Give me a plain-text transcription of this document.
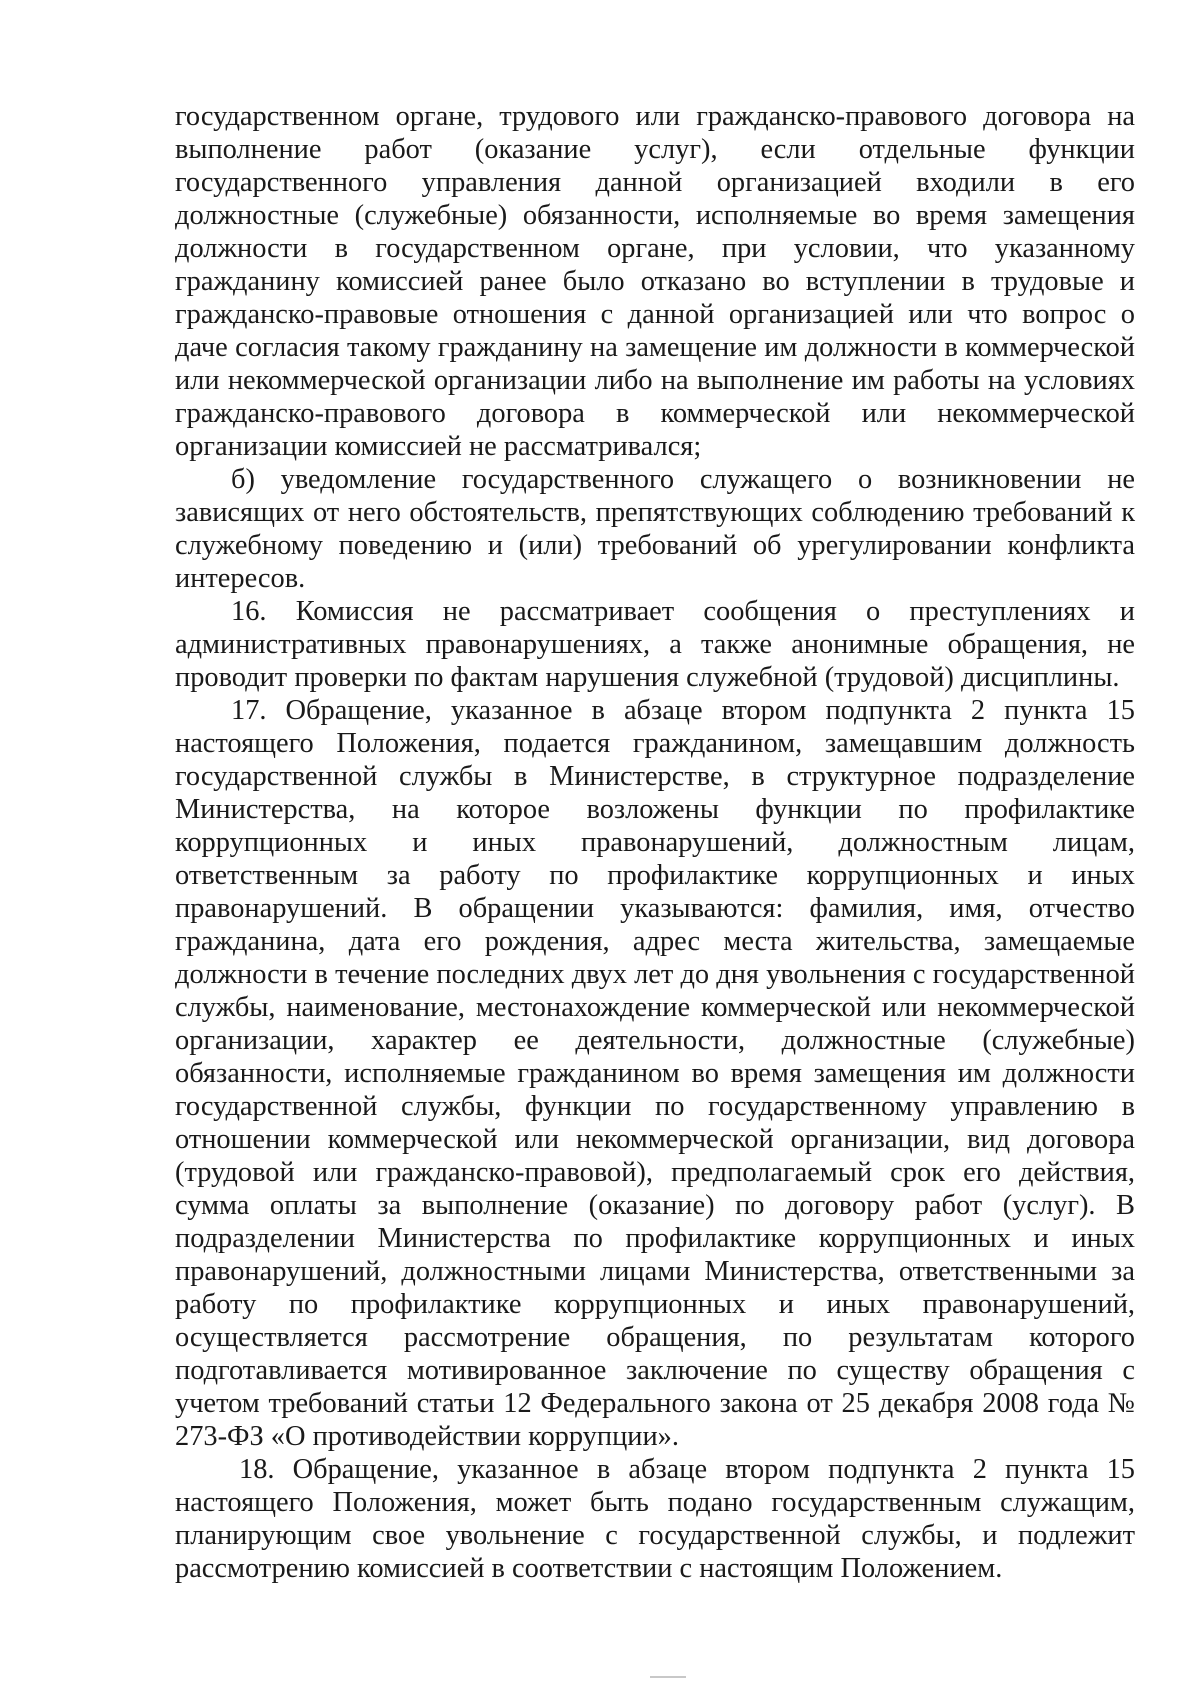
государственном органе, трудового или гражданско-правового договора на выполнение работ (оказание услуг), если отдельные функции государственного управления данной организацией входили в его должностные (служебные) обязанности, исполняемые во время замещения должности в государственном органе, при условии, что указанному гражданину комиссией ранее было отказано во вступлении в трудовые и гражданско-правовые отношения с данной организацией или что вопрос о даче согласия такому гражданину на замещение им должности в коммерческой или некоммерческой организации либо на выполнение им работы на условиях гражданско-правового договора в коммерческой или некоммерческой организации комиссией не рассматривался;

б) уведомление государственного служащего о возникновении не зависящих от него обстоятельств, препятствующих соблюдению требований к служебному поведению и (или) требований об урегулировании конфликта интересов.

16. Комиссия не рассматривает сообщения о преступлениях и административных правонарушениях, а также анонимные обращения, не проводит проверки по фактам нарушения служебной (трудовой) дисциплины.

17. Обращение, указанное в абзаце втором подпункта 2 пункта 15 настоящего Положения, подается гражданином, замещавшим должность государственной службы в Министерстве, в структурное подразделение Министерства, на которое возложены функции по профилактике коррупционных и иных правонарушений, должностным лицам, ответственным за работу по профилактике коррупционных и иных правонарушений. В обращении указываются: фамилия, имя, отчество гражданина, дата его рождения, адрес места жительства, замещаемые должности в течение последних двух лет до дня увольнения с государственной службы, наименование, местонахождение коммерческой или некоммерческой организации, характер ее деятельности, должностные (служебные) обязанности, исполняемые гражданином во время замещения им должности государственной службы, функции по государственному управлению в отношении коммерческой или некоммерческой организации, вид договора (трудовой или гражданско-правовой), предполагаемый срок его действия, сумма оплаты за выполнение (оказание) по договору работ (услуг). В подразделении Министерства по профилактике коррупционных и иных правонарушений, должностными лицами Министерства, ответственными за работу по профилактике коррупционных и иных правонарушений, осуществляется рассмотрение обращения, по результатам которого подготавливается мотивированное заключение по существу обращения с учетом требований статьи 12 Федерального закона от 25 декабря 2008 года № 273-ФЗ «О противодействии коррупции».

18. Обращение, указанное в абзаце втором подпункта 2 пункта 15 настоящего Положения, может быть подано государственным служащим, планирующим свое увольнение с государственной службы, и подлежит рассмотрению комиссией в соответствии с настоящим Положением.
